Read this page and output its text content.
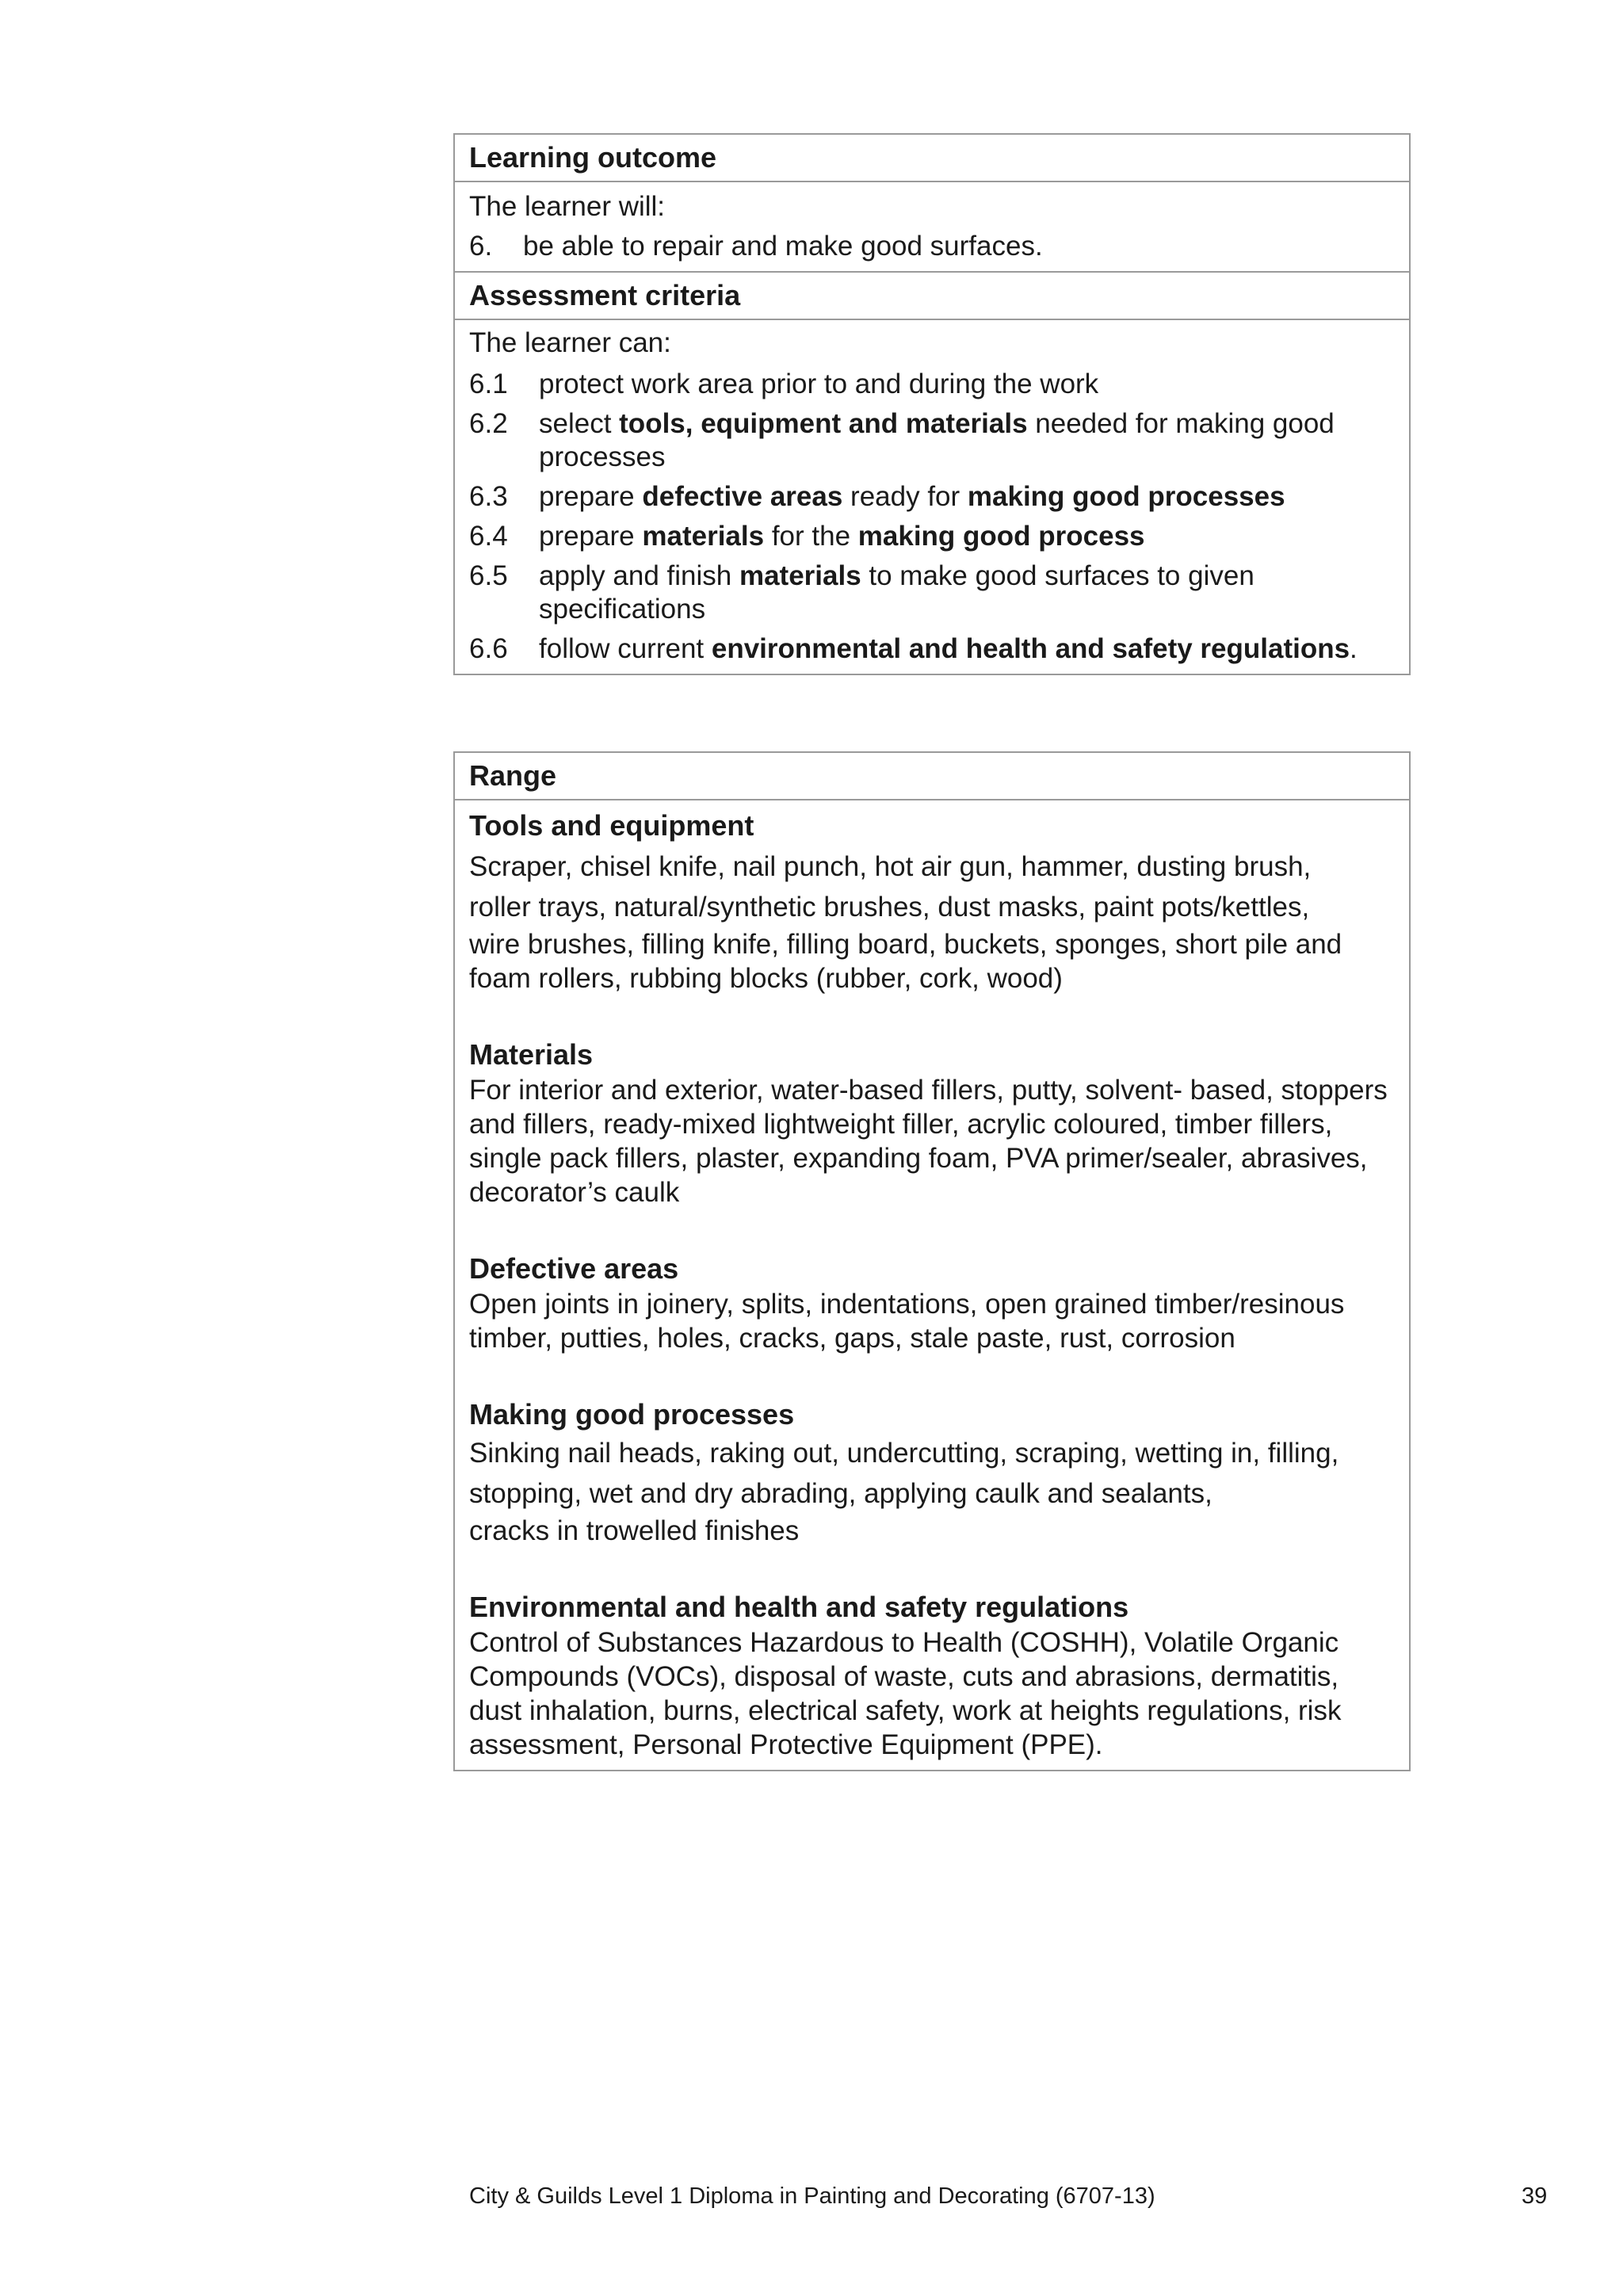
Learning outcome
The learner will:
6.	be able to repair and make good surfaces.
Assessment criteria
The learner can:
6.1	protect work area prior to and during the work
6.2	select tools, equipment and materials needed for making good processes
6.3	prepare defective areas ready for making good processes
6.4	prepare materials for the making good process
6.5	apply and finish materials to make good surfaces to given specifications
6.6	follow current environmental and health and safety regulations.
Range
Tools and equipment
Scraper, chisel knife, nail punch, hot air gun, hammer, dusting brush,
roller trays, natural/synthetic brushes, dust masks, paint pots/kettles,
wire brushes, filling knife, filling board, buckets, sponges, short pile and foam rollers, rubbing blocks (rubber, cork, wood)
Materials
For interior and exterior, water-based fillers, putty, solvent- based, stoppers and fillers, ready-mixed lightweight filler, acrylic coloured, timber fillers, single pack fillers, plaster, expanding foam, PVA primer/sealer, abrasives, decorator’s caulk
Defective areas
Open joints in joinery, splits, indentations, open grained timber/resinous timber, putties, holes, cracks, gaps, stale paste, rust, corrosion
Making good processes
Sinking nail heads, raking out, undercutting, scraping, wetting in, filling,
stopping, wet and dry abrading, applying caulk and sealants,
cracks in trowelled finishes
Environmental and health and safety regulations
Control of Substances Hazardous to Health (COSHH), Volatile Organic Compounds (VOCs), disposal of waste, cuts and abrasions, dermatitis, dust inhalation, burns, electrical safety, work at heights regulations, risk assessment, Personal Protective Equipment (PPE).
City & Guilds Level 1 Diploma in Painting and Decorating (6707-13)	39
